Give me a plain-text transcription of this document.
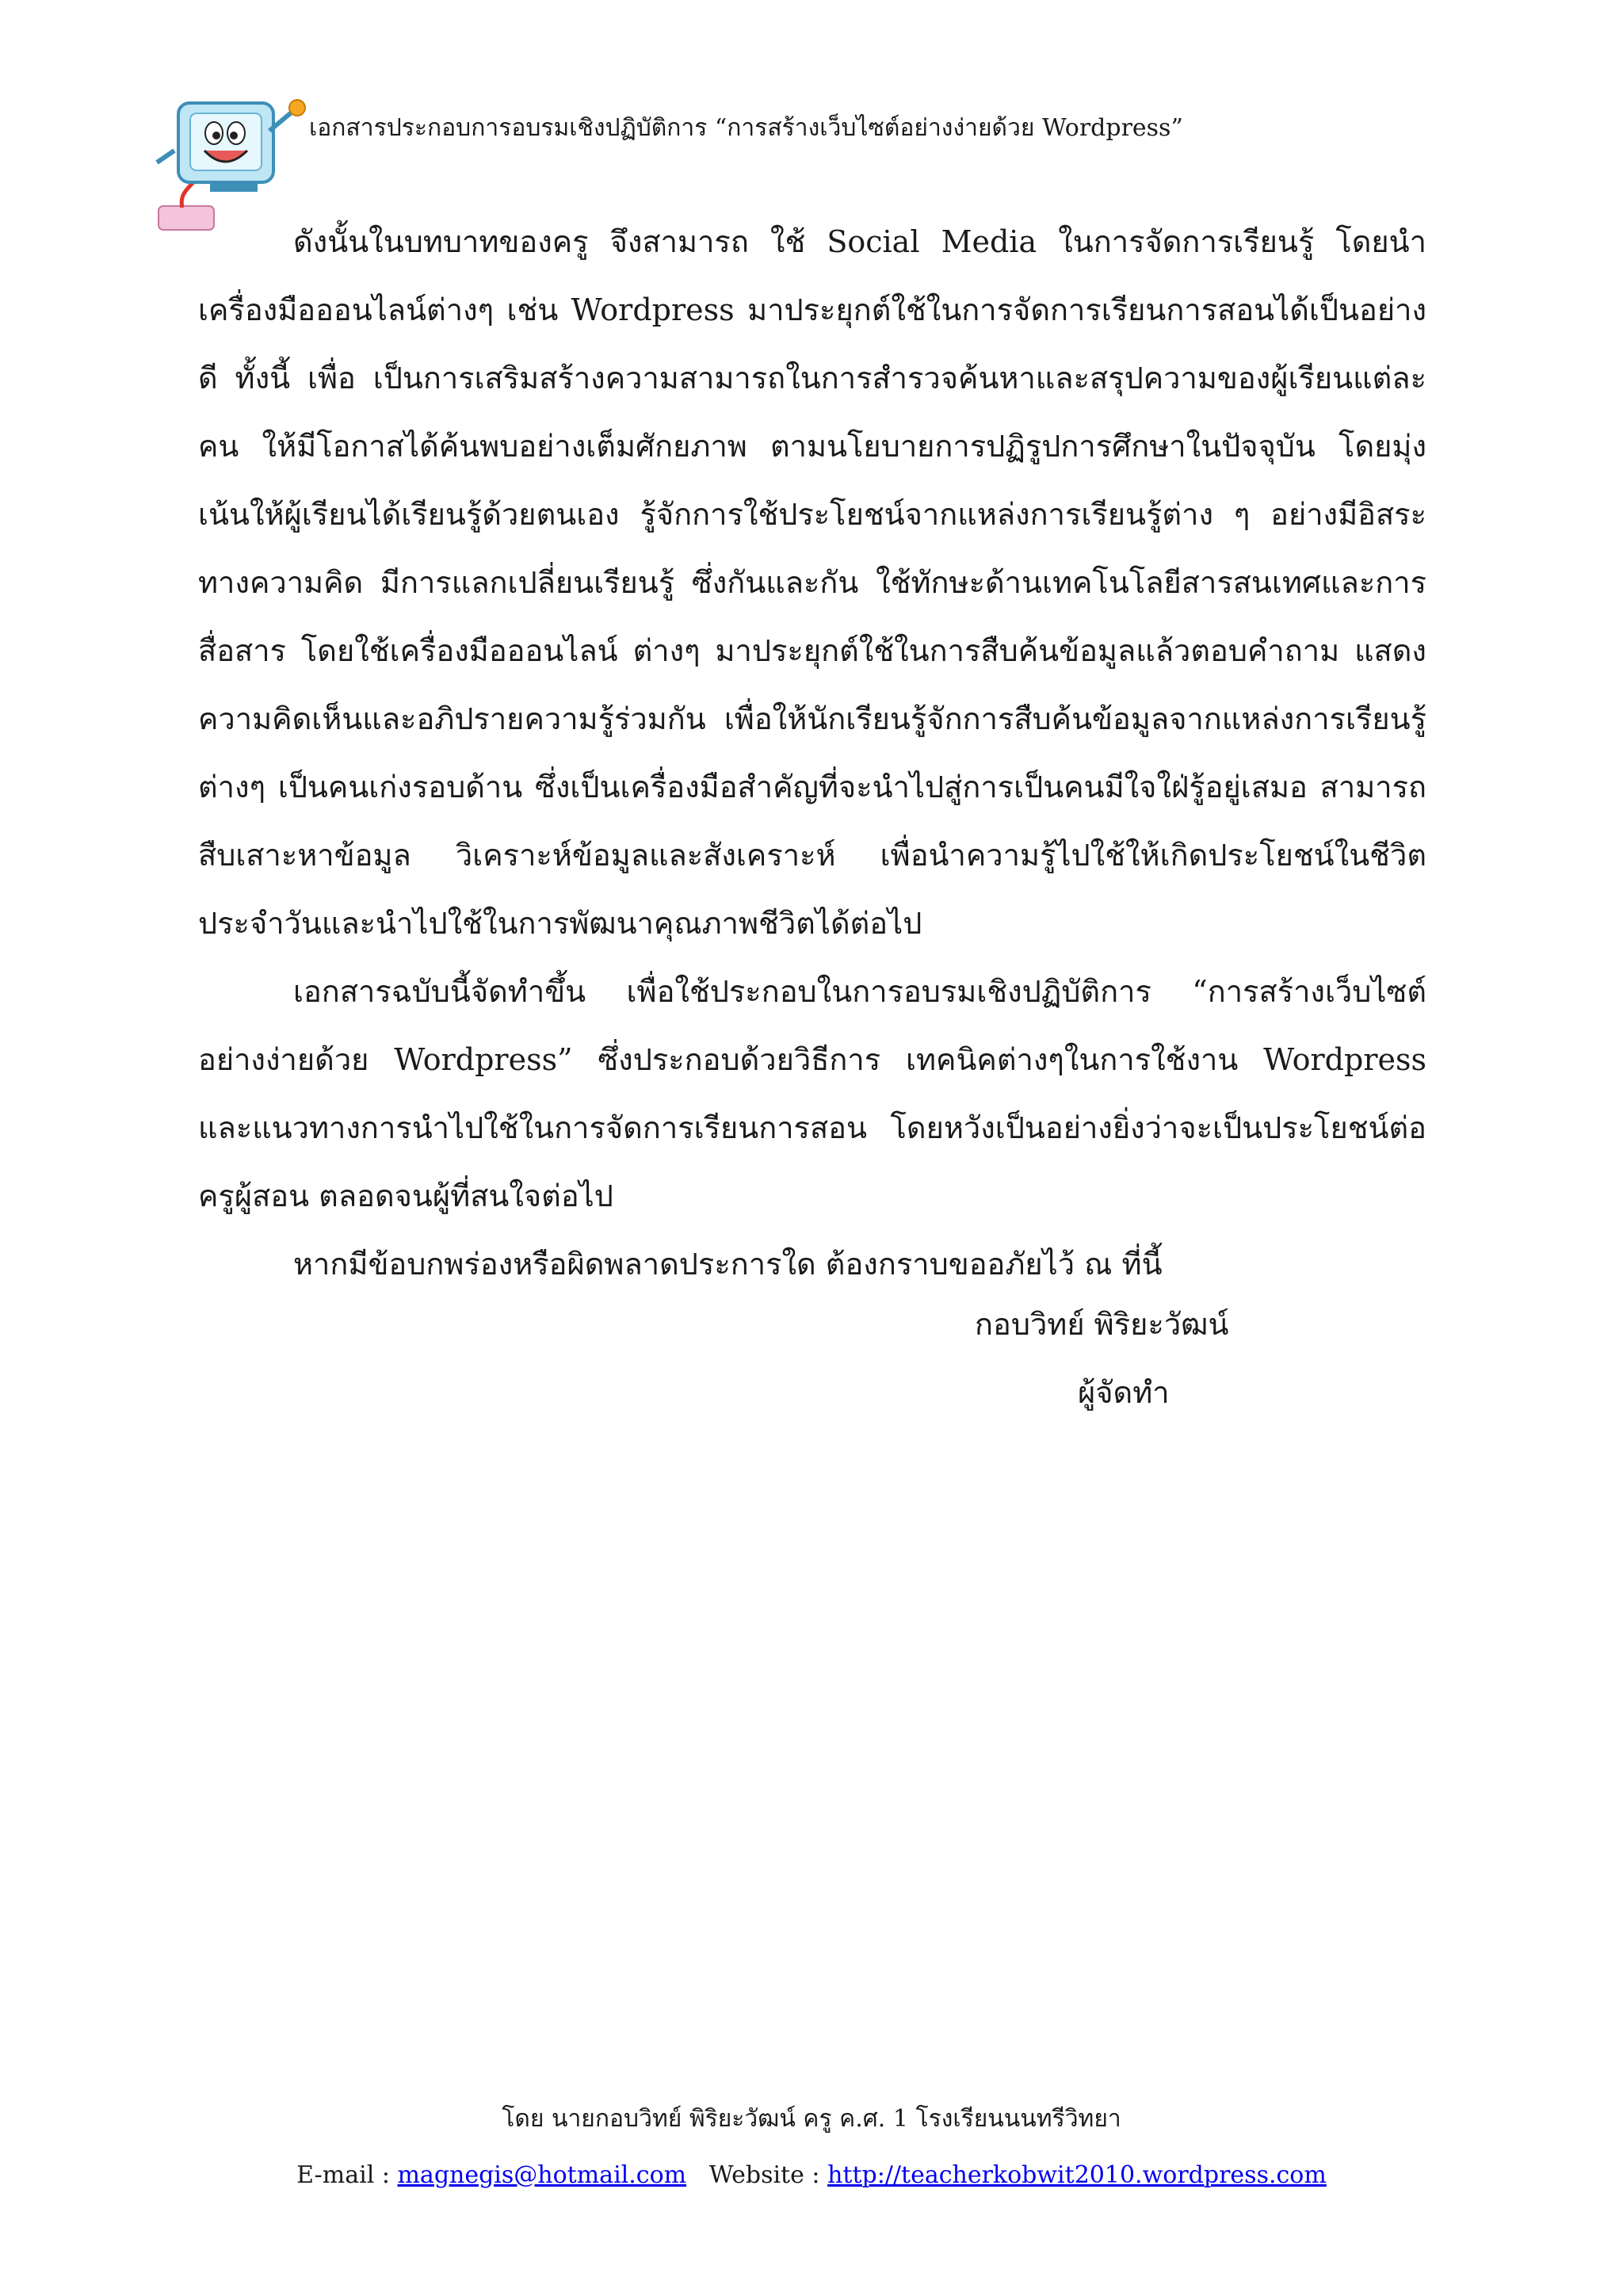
เอกสารประกอบการอบรมเชิงปฏิบัติการ “การสร้างเว็บไซต์อย่างง่ายด้วย Wordpress”

ดังนั้นในบทบาทของครู จึงสามารถ ใช้ Social Media ในการจัดการเรียนรู้ โดยนำเครื่องมือออนไลน์ต่างๆ เช่น Wordpress มาประยุกต์ใช้ในการจัดการเรียนการสอนได้เป็นอย่างดี ทั้งนี้ เพื่อ เป็นการเสริมสร้างความสามารถในการสำรวจค้นหาและสรุปความของผู้เรียนแต่ละคน ให้มีโอกาสได้ค้นพบอย่างเต็มศักยภาพ ตามนโยบายการปฏิรูปการศึกษาในปัจจุบัน โดยมุ่งเน้นให้ผู้เรียนได้เรียนรู้ด้วยตนเอง รู้จักการใช้ประโยชน์จากแหล่งการเรียนรู้ต่าง ๆ อย่างมีอิสระทางความคิด มีการแลกเปลี่ยนเรียนรู้ ซึ่งกันและกัน ใช้ทักษะด้านเทคโนโลยีสารสนเทศและการสื่อสาร โดยใช้เครื่องมือออนไลน์ ต่างๆ มาประยุกต์ใช้ในการสืบค้นข้อมูลแล้วตอบคำถาม แสดงความคิดเห็นและอภิปรายความรู้ร่วมกัน เพื่อให้นักเรียนรู้จักการสืบค้นข้อมูลจากแหล่งการเรียนรู้ต่างๆ เป็นคนเก่งรอบด้าน ซึ่งเป็นเครื่องมือสำคัญที่จะนำไปสู่การเป็นคนมีใจใฝ่รู้อยู่เสมอ สามารถสืบเสาะหาข้อมูล วิเคราะห์ข้อมูลและสังเคราะห์ เพื่อนำความรู้ไปใช้ให้เกิดประโยชน์ในชีวิตประจำวันและนำไปใช้ในการพัฒนาคุณภาพชีวิตได้ต่อไป

เอกสารฉบับนี้จัดทำขึ้น เพื่อใช้ประกอบในการอบรมเชิงปฏิบัติการ “การสร้างเว็บไซต์อย่างง่ายด้วย Wordpress” ซึ่งประกอบด้วยวิธีการ เทคนิคต่างๆในการใช้งาน Wordpress และแนวทางการนำไปใช้ในการจัดการเรียนการสอน โดยหวังเป็นอย่างยิ่งว่าจะเป็นประโยชน์ต่อครูผู้สอน ตลอดจนผู้ที่สนใจต่อไป

หากมีข้อบกพร่องหรือผิดพลาดประการใด ต้องกราบขออภัยไว้ ณ ที่นี้

กอบวิทย์ พิริยะวัฒน์
ผู้จัดทำ
โดย นายกอบวิทย์ พิริยะวัฒน์ ครู ค.ศ. 1 โรงเรียนนนทรีวิทยา
E-mail : magnegis@hotmail.com Website : http://teacherkobwit2010.wordpress.com
